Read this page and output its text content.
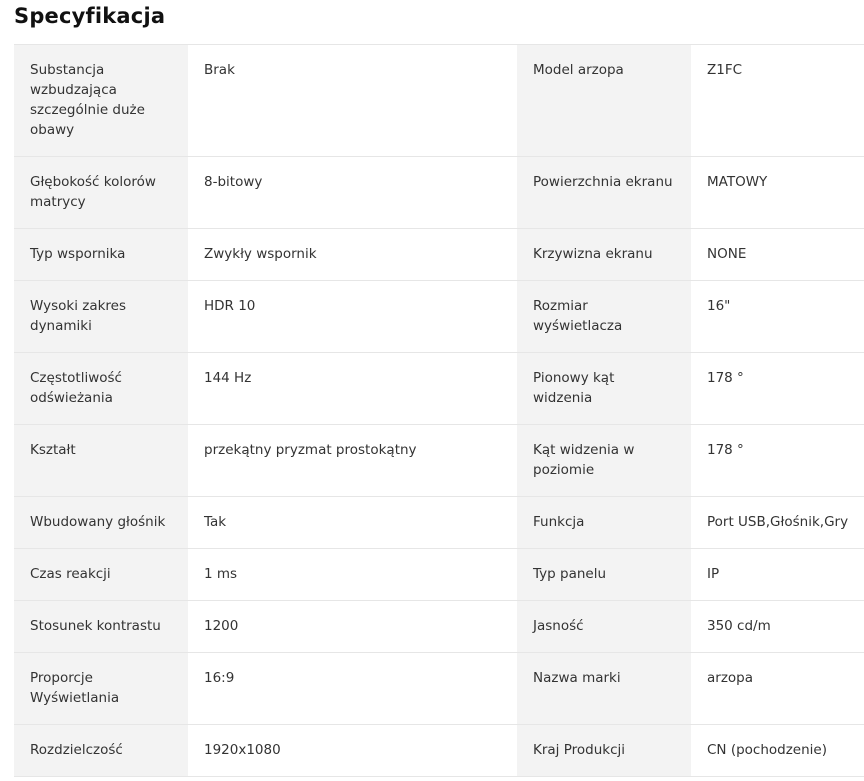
Specyfikacja
Substancja wzbudzająca szczególnie duże obawy	Brak	Model arzopa	Z1FC
Głębokość kolorów matrycy	8-bitowy	Powierzchnia ekranu	MATOWY
Typ wspornika	Zwykły wspornik	Krzywizna ekranu	NONE
Wysoki zakres dynamiki	HDR 10	Rozmiar wyświetlacza	16"
Częstotliwość odświeżania	144 Hz	Pionowy kąt widzenia	178 °
Kształt	przekątny pryzmat prostokątny	Kąt widzenia w poziomie	178 °
Wbudowany głośnik	Tak	Funkcja	Port USB,Głośnik,Gry
Czas reakcji	1 ms	Typ panelu	IP
Stosunek kontrastu	1200	Jasność	350 cd/m
Proporcje Wyświetlania	16:9	Nazwa marki	arzopa
Rozdzielczość	1920x1080	Kraj Produkcji	CN (pochodzenie)
